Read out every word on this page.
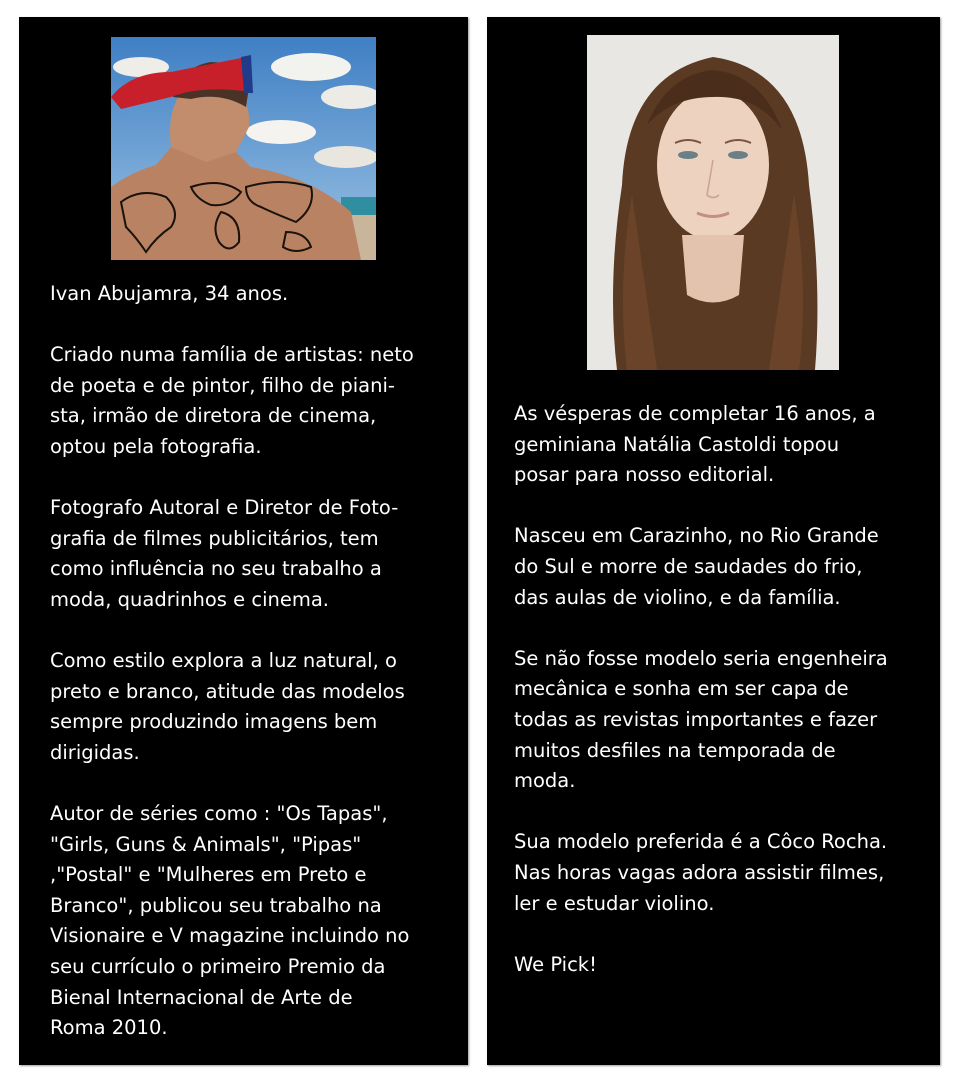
Ivan Abujamra, 34 anos.

Criado numa família de artistas: neto
de poeta e de pintor, filho de piani-
sta, irmão de diretora de cinema,
optou pela fotografia.

Fotografo Autoral e Diretor de Foto-
grafia de filmes publicitários, tem
como influência no seu trabalho a
moda, quadrinhos e cinema.

Como estilo explora a luz natural, o
preto e branco, atitude das modelos
sempre produzindo imagens bem
dirigidas.

Autor de séries como : "Os Tapas",
"Girls, Guns & Animals", "Pipas"
,"Postal" e "Mulheres em Preto e
Branco", publicou seu trabalho na
Visionaire e V magazine incluindo no
seu currículo o primeiro Premio da
Bienal Internacional de Arte de
Roma 2010.

As vésperas de completar 16 anos, a
geminiana Natália Castoldi topou
posar para nosso editorial.

Nasceu em Carazinho, no Rio Grande
do Sul e morre de saudades do frio,
das aulas de violino, e da família.

Se não fosse modelo seria engenheira
mecânica e sonha em ser capa de
todas as revistas importantes e fazer
muitos desfiles na temporada de
moda.

Sua modelo preferida é a Côco Rocha.
Nas horas vagas adora assistir filmes,
ler e estudar violino.

We Pick!
